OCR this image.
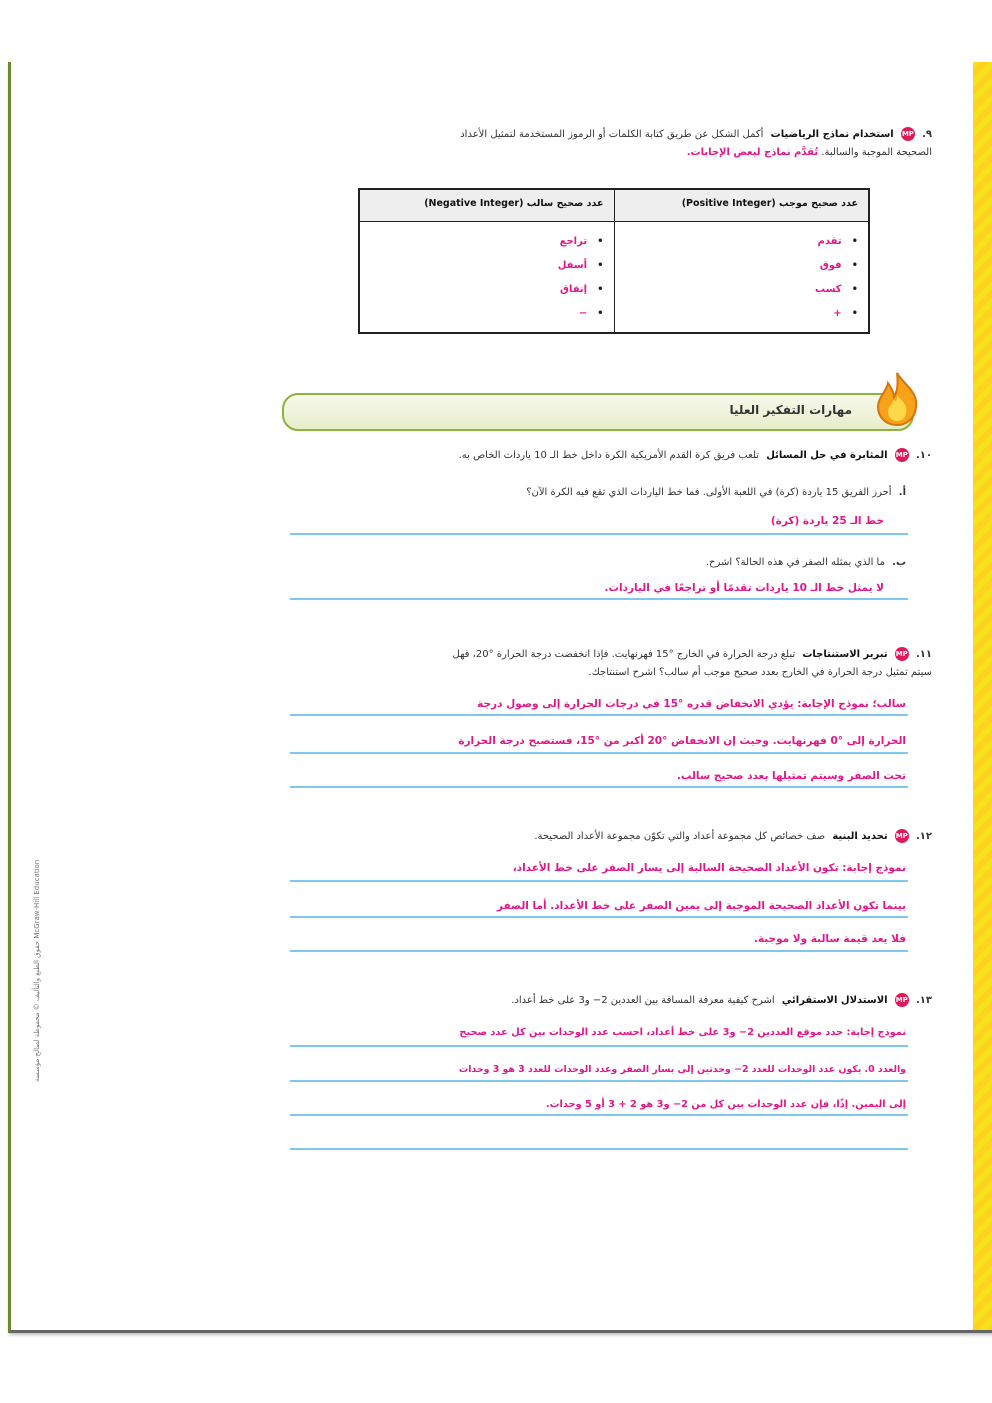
حقوق الطبع والتأليف © محفوظة لصالح مؤسسة McGraw-Hill Education
٩. MP استخدام نماذج الرياضيات أكمل الشكل عن طريق كتابة الكلمات أو الرموز المستخدمة لتمثيل الأعداد
الصحيحة الموجبة والسالبة. تُقدَّم نماذج لبعض الإجابات.
عدد صحيح موجب (Positive Integer)
• تقدم
• فوق
• كسب
• +
عدد صحيح سالب (Negative Integer)
• تراجع
• أسفل
• إنفاق
• −
مهارات التفكير العليا
١٠. MP المثابرة في حل المسائل تلعب فريق كرة القدم الأمريكية الكرة داخل خط الـ 10 ياردات الخاص به.
أ. أحرز الفريق 15 ياردة (كرة) في اللعبة الأولى. فما خط الياردات الذي تقع فيه الكرة الآن؟
خط الـ 25 ياردة (كرة)
ب. ما الذي يمثله الصفر في هذه الحالة؟ اشرح.
لا يمثل خط الـ 10 ياردات تقدمًا أو تراجعًا في الياردات.
١١. MP تبرير الاستنتاجات تبلغ درجة الحرارة في الخارج °15 فهرنهايت. فإذا انخفضت درجة الحرارة °20، فهل
سيتم تمثيل درجة الحرارة في الخارج بعدد صحيح موجب أم سالب؟ اشرح استنتاجك.
سالب؛ نموذج الإجابة: يؤدي الانخفاض قدره °15 في درجات الحرارة إلى وصول درجة
الحرارة إلى °0 فهرنهايت. وحيث إن الانخفاض °20 أكبر من °15، فستصبح درجة الحرارة
تحت الصفر وسيتم تمثيلها بعدد صحيح سالب.
١٢. MP تحديد البنية صف خصائص كل مجموعة أعداد والتي تكوّن مجموعة الأعداد الصحيحة.
نموذج إجابة: تكون الأعداد الصحيحة السالبة إلى يسار الصفر على خط الأعداد،
بينما تكون الأعداد الصحيحة الموجبة إلى يمين الصفر على خط الأعداد. أما الصفر
فلا يعد قيمة سالبة ولا موجبة.
١٣. MP الاستدلال الاستقرائي اشرح كيفية معرفة المسافة بين العددين 2− و3 على خط أعداد.
نموذج إجابة: حدد موقع العددين 2− و3 على خط أعداد، احسب عدد الوحدات بين كل عدد صحيح
والعدد 0. يكون عدد الوحدات للعدد 2− وحدتين إلى يسار الصفر وعدد الوحدات للعدد 3 هو 3 وحدات
إلى اليمين. إذًا، فإن عدد الوحدات بين كل من 2− و3 هو 2 + 3 أو 5 وحدات.
